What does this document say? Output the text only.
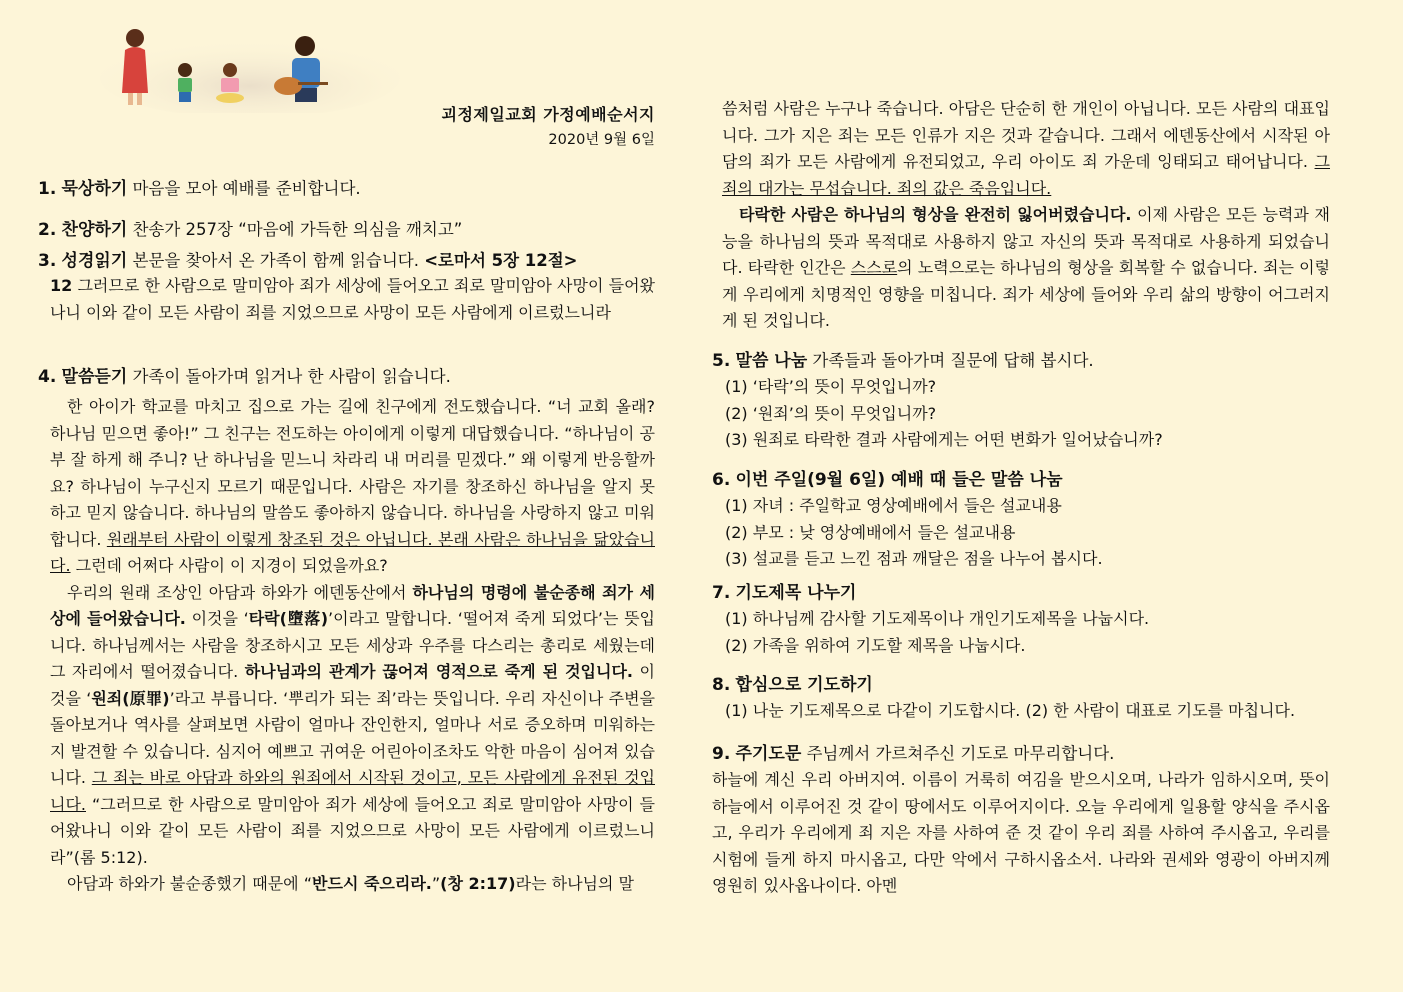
괴정제일교회 가정예배순서지
2020년 9월 6일

1. 묵상하기 마음을 모아 예배를 준비합니다.

2. 찬양하기 찬송가 257장 “마음에 가득한 의심을 깨치고”

3. 성경읽기 본문을 찾아서 온 가족이 함께 읽습니다. <로마서 5장 12절>

12 그러므로 한 사람으로 말미암아 죄가 세상에 들어오고 죄로 말미암아 사망이 들어왔나니 이와 같이 모든 사람이 죄를 지었으므로 사망이 모든 사람에게 이르렀느니라

4. 말씀듣기 가족이 돌아가며 읽거나 한 사람이 읽습니다.

한 아이가 학교를 마치고 집으로 가는 길에 친구에게 전도했습니다. “너 교회 올래? 하나님 믿으면 좋아!” 그 친구는 전도하는 아이에게 이렇게 대답했습니다. “하나님이 공부 잘 하게 해 주니? 난 하나님을 믿느니 차라리 내 머리를 믿겠다.” 왜 이렇게 반응할까요? 하나님이 누구신지 모르기 때문입니다. 사람은 자기를 창조하신 하나님을 알지 못하고 믿지 않습니다. 하나님의 말씀도 좋아하지 않습니다. 하나님을 사랑하지 않고 미워합니다. 원래부터 사람이 이렇게 창조된 것은 아닙니다. 본래 사람은 하나님을 닮았습니다. 그런데 어쩌다 사람이 이 지경이 되었을까요?

우리의 원래 조상인 아담과 하와가 에덴동산에서 하나님의 명령에 불순종해 죄가 세상에 들어왔습니다. 이것을 ‘타락(墮落)’이라고 말합니다. ‘떨어져 죽게 되었다’는 뜻입니다. 하나님께서는 사람을 창조하시고 모든 세상과 우주를 다스리는 총리로 세웠는데 그 자리에서 떨어졌습니다. 하나님과의 관계가 끊어져 영적으로 죽게 된 것입니다. 이것을 ‘원죄(原罪)’라고 부릅니다. ‘뿌리가 되는 죄’라는 뜻입니다. 우리 자신이나 주변을 돌아보거나 역사를 살펴보면 사람이 얼마나 잔인한지, 얼마나 서로 증오하며 미워하는지 발견할 수 있습니다. 심지어 예쁘고 귀여운 어린아이조차도 악한 마음이 심어져 있습니다. 그 죄는 바로 아담과 하와의 원죄에서 시작된 것이고, 모든 사람에게 유전된 것입니다. “그러므로 한 사람으로 말미암아 죄가 세상에 들어오고 죄로 말미암아 사망이 들어왔나니 이와 같이 모든 사람이 죄를 지었으므로 사망이 모든 사람에게 이르렀느니라”(롬 5:12).

아담과 하와가 불순종했기 때문에 “반드시 죽으리라.”(창 2:17)라는 하나님의 말

씀처럼 사람은 누구나 죽습니다. 아담은 단순히 한 개인이 아닙니다. 모든 사람의 대표입니다. 그가 지은 죄는 모든 인류가 지은 것과 같습니다. 그래서 에덴동산에서 시작된 아담의 죄가 모든 사람에게 유전되었고, 우리 아이도 죄 가운데 잉태되고 태어납니다. 그 죄의 대가는 무섭습니다. 죄의 값은 죽음입니다.

타락한 사람은 하나님의 형상을 완전히 잃어버렸습니다. 이제 사람은 모든 능력과 재능을 하나님의 뜻과 목적대로 사용하지 않고 자신의 뜻과 목적대로 사용하게 되었습니다. 타락한 인간은 스스로의 노력으로는 하나님의 형상을 회복할 수 없습니다. 죄는 이렇게 우리에게 치명적인 영향을 미칩니다. 죄가 세상에 들어와 우리 삶의 방향이 어그러지게 된 것입니다.

5. 말씀 나눔 가족들과 돌아가며 질문에 답해 봅시다.

(1) ‘타락’의 뜻이 무엇입니까?

(2) ‘원죄’의 뜻이 무엇입니까?

(3) 원죄로 타락한 결과 사람에게는 어떤 변화가 일어났습니까?

6. 이번 주일(9월 6일) 예배 때 들은 말씀 나눔

(1) 자녀 : 주일학교 영상예배에서 들은 설교내용

(2) 부모 : 낮 영상예배에서 들은 설교내용

(3) 설교를 듣고 느낀 점과 깨달은 점을 나누어 봅시다.

7. 기도제목 나누기

(1) 하나님께 감사할 기도제목이나 개인기도제목을 나눕시다.

(2) 가족을 위하여 기도할 제목을 나눕시다.

8. 합심으로 기도하기

(1) 나눈 기도제목으로 다같이 기도합시다. (2) 한 사람이 대표로 기도를 마칩니다.

9. 주기도문 주님께서 가르쳐주신 기도로 마무리합니다.

하늘에 계신 우리 아버지여. 이름이 거룩히 여김을 받으시오며, 나라가 임하시오며, 뜻이 하늘에서 이루어진 것 같이 땅에서도 이루어지이다. 오늘 우리에게 일용할 양식을 주시옵고, 우리가 우리에게 죄 지은 자를 사하여 준 것 같이 우리 죄를 사하여 주시옵고, 우리를 시험에 들게 하지 마시옵고, 다만 악에서 구하시옵소서. 나라와 권세와 영광이 아버지께 영원히 있사옵나이다. 아멘
